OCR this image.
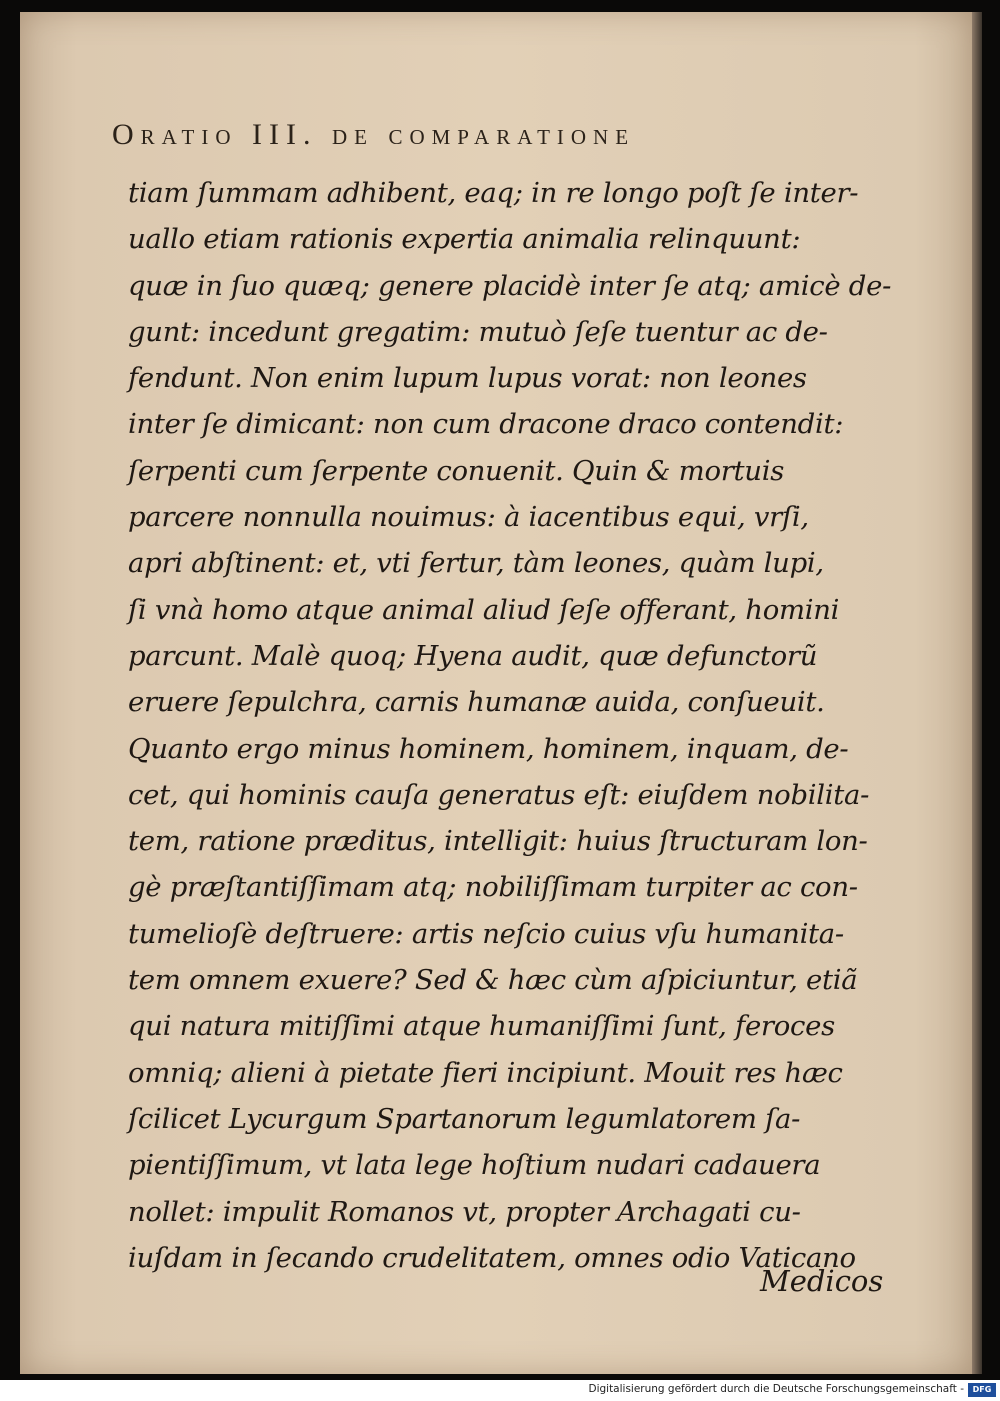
Oratio III. de comparatione
tiam ſummam adhibent, eaq; in re longo poſt ſe inter-
uallo etiam rationis expertia animalia relinquunt:
quæ in ſuo quæq; genere placidè inter ſe atq; amicè de-
gunt: incedunt gregatim: mutuò ſeſe tuentur ac de-
fendunt. Non enim lupum lupus vorat: non leones
inter ſe dimicant: non cum dracone draco contendit:
ſerpenti cum ſerpente conuenit. Quin & mortuis
parcere nonnulla nouimus: à iacentibus equi, vrſi,
apri abſtinent: et, vti fertur, tàm leones, quàm lupi,
ſi vnà homo atque animal aliud ſeſe offerant, homini
parcunt. Malè quoq; Hyena audit, quæ defunctorũ
eruere ſepulchra, carnis humanæ auida, conſueuit.
Quanto ergo minus hominem, hominem, inquam, de-
cet, qui hominis cauſa generatus eſt: eiuſdem nobilita-
tem, ratione præditus, intelligit: huius ſtructuram lon-
gè præſtantiſſimam atq; nobiliſſimam turpiter ac con-
tumelioſè deſtruere: artis neſcio cuius vſu humanita-
tem omnem exuere? Sed & hæc cùm aſpiciuntur, etiã
qui natura mitiſſimi atque humaniſſimi ſunt, feroces
omniq; alieni à pietate fieri incipiunt. Mouit res hæc
ſcilicet Lycurgum Spartanorum legumlatorem ſa-
pientiſſimum, vt lata lege hoſtium nudari cadauera
nollet: impulit Romanos vt, propter Archagati cu-
iuſdam in ſecando crudelitatem, omnes odio Vaticano
Medicos
Digitalisierung gefördert durch die Deutsche Forschungsgemeinschaft -	DFG
